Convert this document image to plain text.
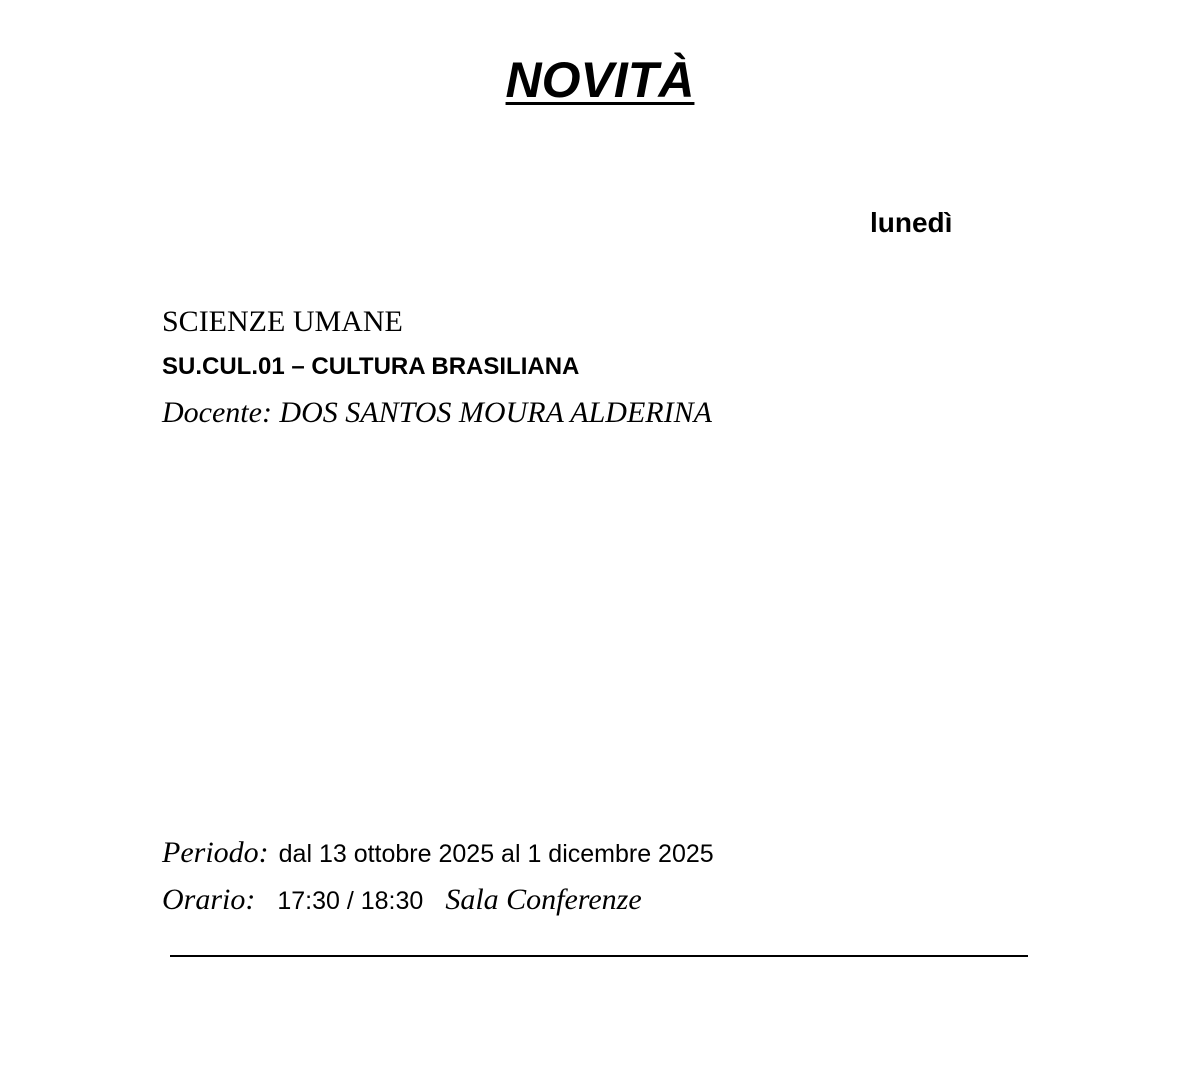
NOVITÀ
lunedì
SCIENZE UMANE
SU.CUL.01 – CULTURA BRASILIANA
Docente: DOS SANTOS MOURA ALDERINA
Periodo: dal 13 ottobre 2025 al 1 dicembre 2025
Orario: 17:30 / 18:30 Sala Conferenze
